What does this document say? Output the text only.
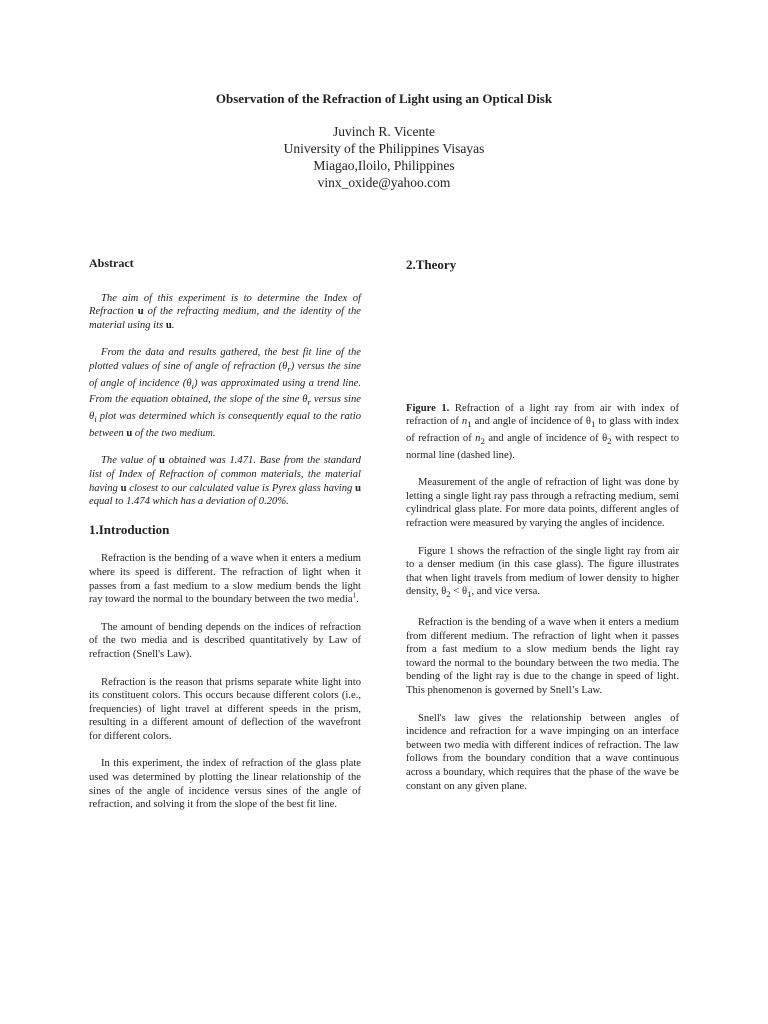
Observation of the Refraction of Light using an Optical Disk
Juvinch R. Vicente
University of the Philippines Visayas
Miagao,Iloilo, Philippines
vinx_oxide@yahoo.com
Abstract

The aim of this experiment is to determine the Index of Refraction u of the refracting medium, and the identity of the material using its u.

From the data and results gathered, the best fit line of the plotted values of sine of angle of refraction $(\theta_r)$ versus the sine of angle of incidence $(\theta_i)$ was approximated using a trend line. From the equation obtained, the slope of the sine $\theta_r$ versus sine $\theta_i$ plot was determined which is consequently equal to the ratio between u of the two medium.

The value of u obtained was 1.471. Base from the standard list of Index of Refraction of common materials, the material having u closest to our calculated value is Pyrex glass having u equal to 1.474 which has a deviation of 0.20%.

1.Introduction

Refraction is the bending of a wave when it enters a medium where its speed is different. The refraction of light when it passes from a fast medium to a slow medium bends the light ray toward the normal to the boundary between the two media$^1$.

The amount of bending depends on the indices of refraction of the two media and is described quantitatively by Law of refraction (Snell's Law).

Refraction is the reason that prisms separate white light into its constituent colors. This occurs because different colors (i.e., frequencies) of light travel at different speeds in the prism, resulting in a different amount of deflection of the wavefront for different colors.

In this experiment, the index of refraction of the glass plate used was determined by plotting the linear relationship of the sines of the angle of incidence versus sines of the angle of refraction, and solving it from the slope of the best fit line.

2.Theory

Figure 1. Refraction of a light ray from air with index of refraction of $n_1$ and angle of incidence of $\theta_1$ to glass with index of refraction of $n_2$ and angle of incidence of $\theta_2$ with respect to normal line (dashed line).

Measurement of the angle of refraction of light was done by letting a single light ray pass through a refracting medium, semi cylindrical glass plate. For more data points, different angles of refraction were measured by varying the angles of incidence.

Figure 1 shows the refraction of the single light ray from air to a denser medium (in this case glass). The figure illustrates that when light travels from medium of lower density to higher density, $\theta_2 < \theta_1$, and vice versa.

Refraction is the bending of a wave when it enters a medium from different medium. The refraction of light when it passes from a fast medium to a slow medium bends the light ray toward the normal to the boundary between the two media. The bending of the light ray is due to the change in speed of light. This phenomenon is governed by Snell’s Law.

Snell's law gives the relationship between angles of incidence and refraction for a wave impinging on an interface between two media with different indices of refraction. The law follows from the boundary condition that a wave continuous across a boundary, which requires that the phase of the wave be constant on any given plane.
